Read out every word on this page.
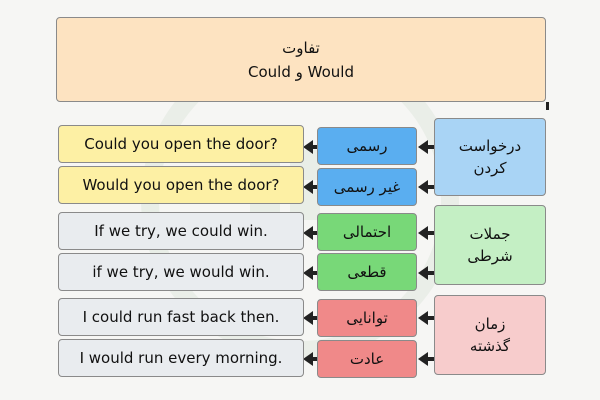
تفاوت
Could و Would
درخواست
کردن
رسمی
Could you open the door?
غیر رسمی
Would you open the door?
جملات
شرطی
احتمالی
If we try, we could win.
قطعی
if we try, we would win.
زمان
گذشته
توانایی
I could run fast back then.
عادت
I would run every morning.
